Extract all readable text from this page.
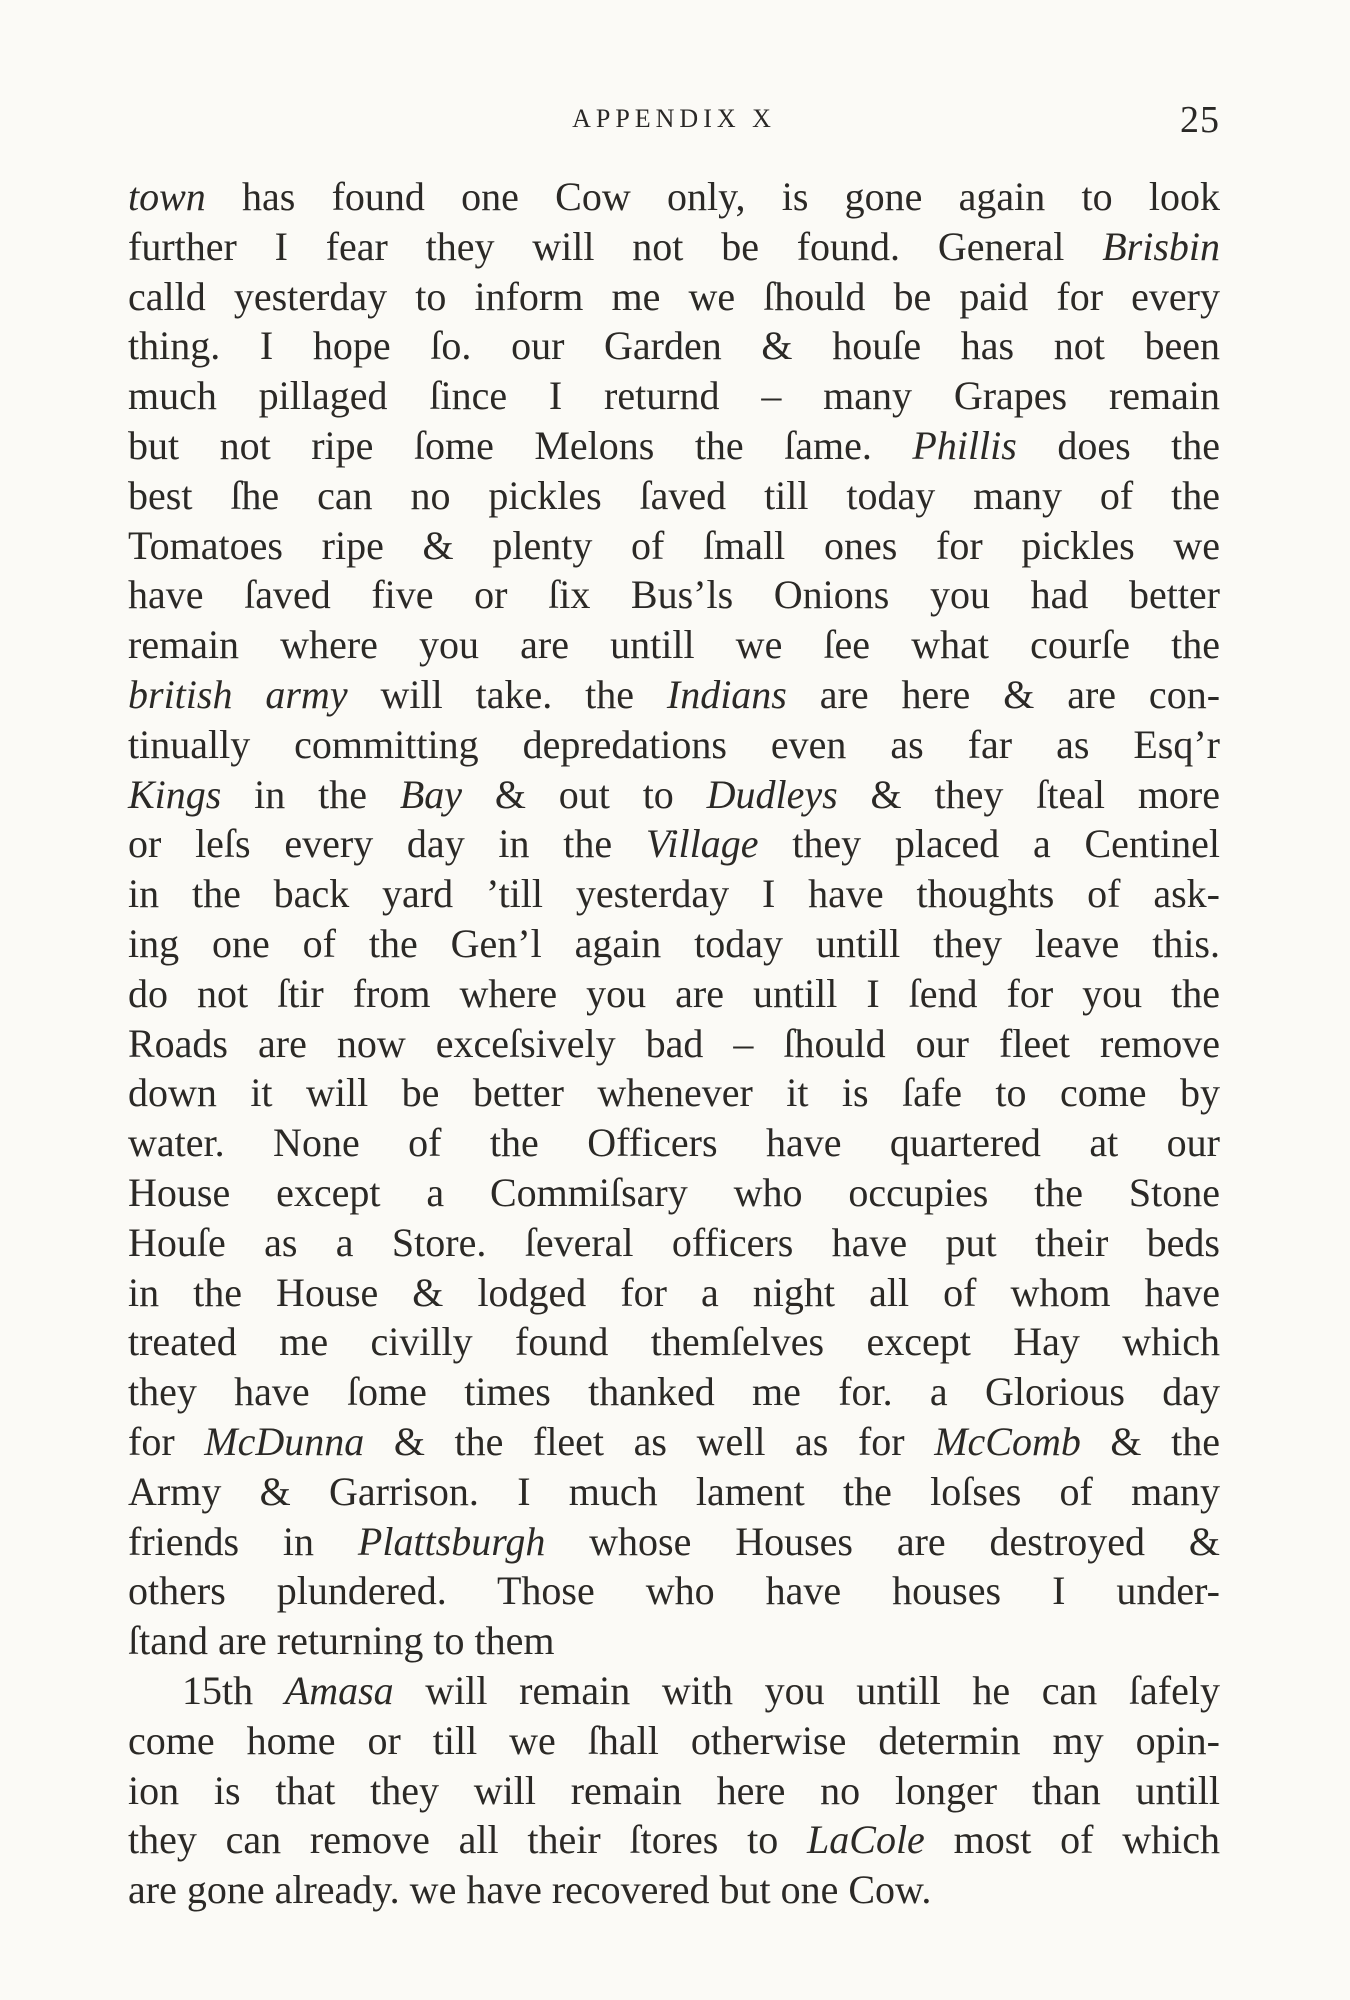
APPENDIX X	25
town has found one Cow only, is gone again to look
further I fear they will not be found. General Brisbin
calld yesterday to inform me we ſhould be paid for every
thing. I hope ſo. our Garden & houſe has not been
much pillaged ſince I returnd – many Grapes remain
but not ripe ſome Melons the ſame. Phillis does the
best ſhe can no pickles ſaved till today many of the
Tomatoes ripe & plenty of ſmall ones for pickles we
have ſaved five or ſix Bus’ls Onions you had better
remain where you are untill we ſee what courſe the
british army will take. the Indians are here & are con-
tinually committing depredations even as far as Esq’r
Kings in the Bay & out to Dudleys & they ſteal more
or leſs every day in the Village they placed a Centinel
in the back yard ’till yesterday I have thoughts of ask-
ing one of the Gen’l again today untill they leave this.
do not ſtir from where you are untill I ſend for you the
Roads are now exceſsively bad – ſhould our fleet remove
down it will be better whenever it is ſafe to come by
water. None of the Officers have quartered at our
House except a Commiſsary who occupies the Stone
Houſe as a Store. ſeveral officers have put their beds
in the House & lodged for a night all of whom have
treated me civilly found themſelves except Hay which
they have ſome times thanked me for. a Glorious day
for McDunna & the fleet as well as for McComb & the
Army & Garrison. I much lament the loſses of many
friends in Plattsburgh whose Houses are destroyed &
others plundered. Those who have houses I under-
ſtand are returning to them
15th Amasa will remain with you untill he can ſafely
come home or till we ſhall otherwise determin my opin-
ion is that they will remain here no longer than untill
they can remove all their ſtores to LaCole most of which
are gone already. we have recovered but one Cow.
